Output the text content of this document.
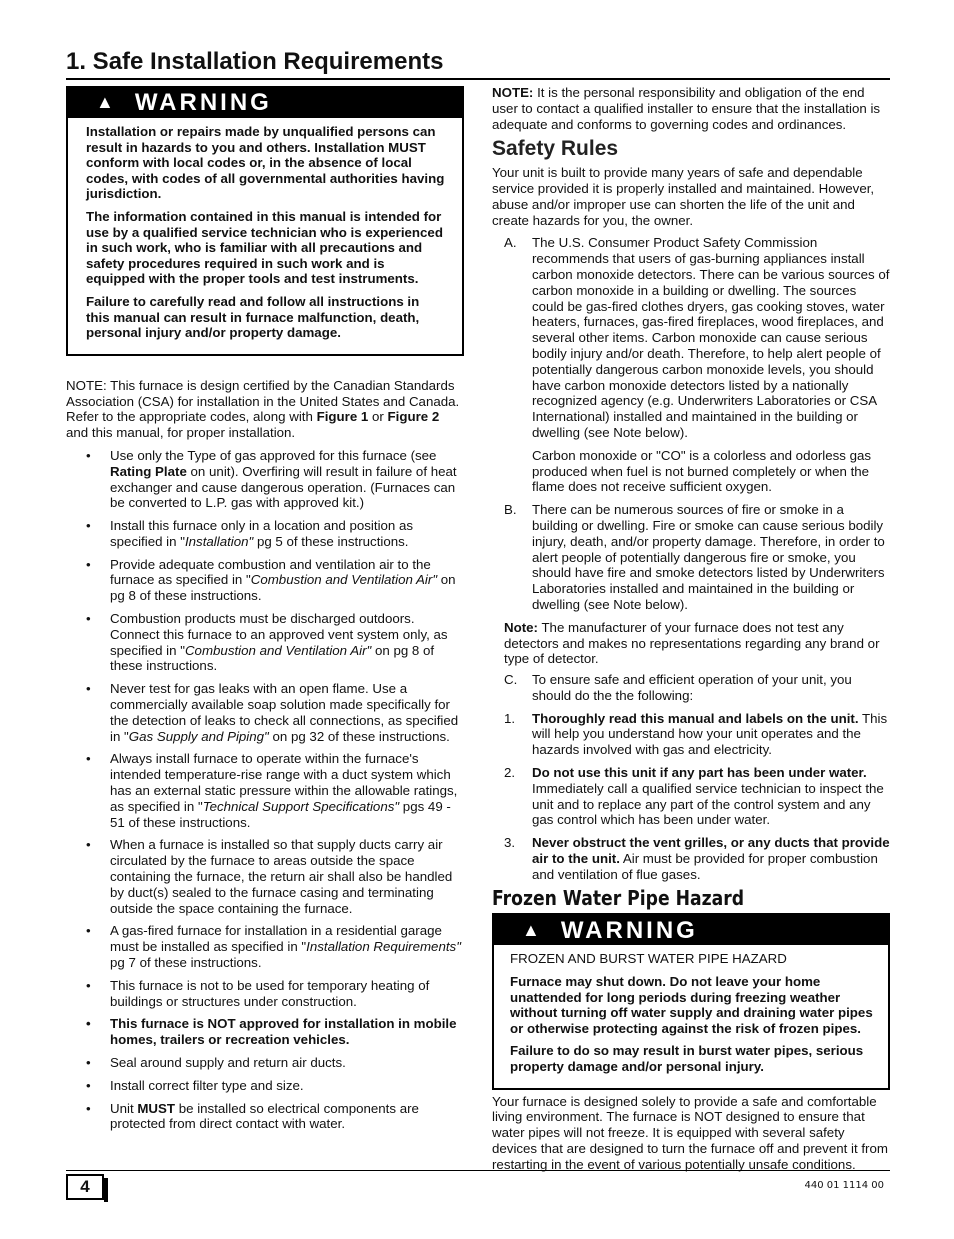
1. Safe Installation Requirements
▲ WARNING

Installation or repairs made by unqualified persons can result in hazards to you and others. Installation MUST conform with local codes or, in the absence of local codes, with codes of all governmental authorities having jurisdiction.

The information contained in this manual is intended for use by a qualified service technician who is experienced in such work, who is familiar with all precautions and safety procedures required in such work and is equipped with the proper tools and test instruments.

Failure to carefully read and follow all instructions in this manual can result in furnace malfunction, death, personal injury and/or property damage.

NOTE: This furnace is design certified by the Canadian Standards Association (CSA) for installation in the United States and Canada. Refer to the appropriate codes, along with Figure 1 or Figure 2 and this manual, for proper installation.

• Use only the Type of gas approved for this furnace (see Rating Plate on unit). Overfiring will result in failure of heat exchanger and cause dangerous operation. (Furnaces can be converted to L.P. gas with approved kit.)
• Install this furnace only in a location and position as specified in "Installation" pg 5 of these instructions.
• Provide adequate combustion and ventilation air to the furnace as specified in "Combustion and Ventilation Air" on pg 8 of these instructions.
• Combustion products must be discharged outdoors. Connect this furnace to an approved vent system only, as specified in "Combustion and Ventilation Air" on pg 8 of these instructions.
• Never test for gas leaks with an open flame. Use a commercially available soap solution made specifically for the detection of leaks to check all connections, as specified in "Gas Supply and Piping" on pg 32 of these instructions.
• Always install furnace to operate within the furnace's intended temperature-rise range with a duct system which has an external static pressure within the allowable ratings, as specified in "Technical Support Specifications" pgs 49 - 51 of these instructions.
• When a furnace is installed so that supply ducts carry air circulated by the furnace to areas outside the space containing the furnace, the return air shall also be handled by duct(s) sealed to the furnace casing and terminating outside the space containing the furnace.
• A gas-fired furnace for installation in a residential garage must be installed as specified in "Installation Requirements" pg 7 of these instructions.
• This furnace is not to be used for temporary heating of buildings or structures under construction.
• This furnace is NOT approved for installation in mobile homes, trailers or recreation vehicles.
• Seal around supply and return air ducts.
• Install correct filter type and size.
• Unit MUST be installed so electrical components are protected from direct contact with water.

NOTE: It is the personal responsibility and obligation of the end user to contact a qualified installer to ensure that the installation is adequate and conforms to governing codes and ordinances.

Safety Rules

Your unit is built to provide many years of safe and dependable service provided it is properly installed and maintained. However, abuse and/or improper use can shorten the life of the unit and create hazards for you, the owner.

A. The U.S. Consumer Product Safety Commission recommends that users of gas-burning appliances install carbon monoxide detectors. There can be various sources of carbon monoxide in a building or dwelling. The sources could be gas-fired clothes dryers, gas cooking stoves, water heaters, furnaces, gas-fired fireplaces, wood fireplaces, and several other items. Carbon monoxide can cause serious bodily injury and/or death. Therefore, to help alert people of potentially dangerous carbon monoxide levels, you should have carbon monoxide detectors listed by a nationally recognized agency (e.g. Underwriters Laboratories or CSA International) installed and maintained in the building or dwelling (see Note below).

Carbon monoxide or "CO" is a colorless and odorless gas produced when fuel is not burned completely or when the flame does not receive sufficient oxygen.

B. There can be numerous sources of fire or smoke in a building or dwelling. Fire or smoke can cause serious bodily injury, death, and/or property damage. Therefore, in order to alert people of potentially dangerous fire or smoke, you should have fire and smoke detectors listed by Underwriters Laboratories installed and maintained in the building or dwelling (see Note below).

Note: The manufacturer of your furnace does not test any detectors and makes no representations regarding any brand or type of detector.

C. To ensure safe and efficient operation of your unit, you should do the the following:

1. Thoroughly read this manual and labels on the unit. This will help you understand how your unit operates and the hazards involved with gas and electricity.

2. Do not use this unit if any part has been under water. Immediately call a qualified service technician to inspect the unit and to replace any part of the control system and any gas control which has been under water.

3. Never obstruct the vent grilles, or any ducts that provide air to the unit. Air must be provided for proper combustion and ventilation of flue gases.

Frozen Water Pipe Hazard
▲ WARNING

FROZEN AND BURST WATER PIPE HAZARD

Furnace may shut down. Do not leave your home unattended for long periods during freezing weather without turning off water supply and draining water pipes or otherwise protecting against the risk of frozen pipes.

Failure to do so may result in burst water pipes, serious property damage and/or personal injury.

Your furnace is designed solely to provide a safe and comfortable living environment. The furnace is NOT designed to ensure that water pipes will not freeze. It is equipped with several safety devices that are designed to turn the furnace off and prevent it from restarting in the event of various potentially unsafe conditions.

4	440 01 1114 00
